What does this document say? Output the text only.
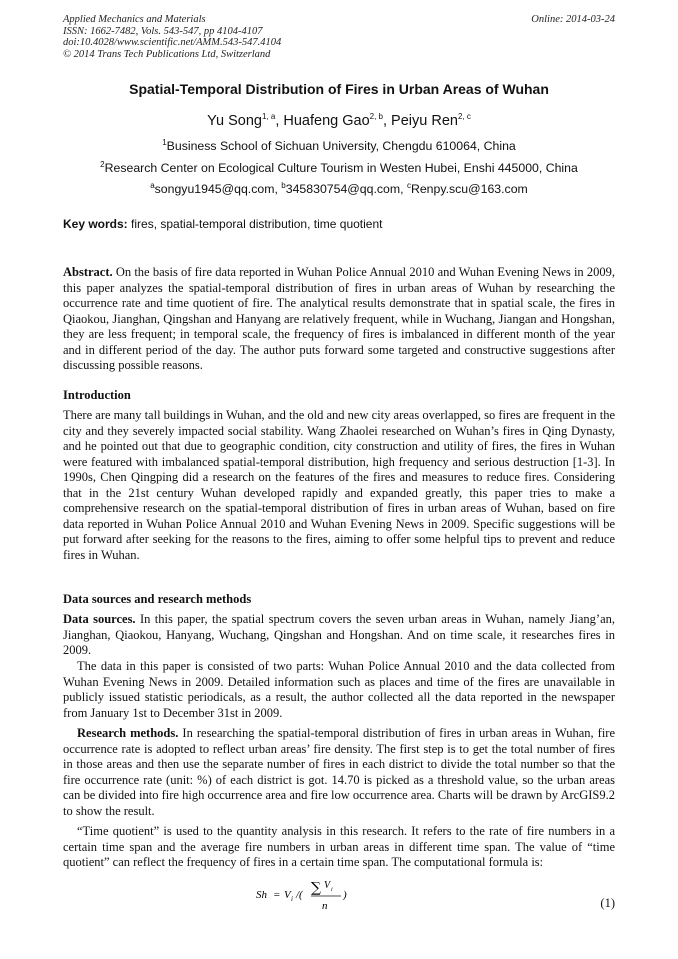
Applied Mechanics and Materials
ISSN: 1662-7482, Vols. 543-547, pp 4104-4107
doi:10.4028/www.scientific.net/AMM.543-547.4104
© 2014 Trans Tech Publications Ltd, Switzerland
Online: 2014-03-24
Spatial-Temporal Distribution of Fires in Urban Areas of Wuhan
Yu Song$^{1, a}$, Huafeng Gao$^{2, b}$, Peiyu Ren$^{2, c}$
$^1$Business School of Sichuan University, Chengdu 610064, China
$^2$Research Center on Ecological Culture Tourism in Westen Hubei, Enshi 445000, China
$^a$songyu1945@qq.com, $^b$345830754@qq.com, $^c$Renpy.scu@163.com
Key words: fires, spatial-temporal distribution, time quotient

Abstract. On the basis of fire data reported in Wuhan Police Annual 2010 and Wuhan Evening News in 2009, this paper analyzes the spatial-temporal distribution of fires in urban areas of Wuhan by researching the occurrence rate and time quotient of fire. The analytical results demonstrate that in spatial scale, the fires in Qiaokou, Jianghan, Qingshan and Hanyang are relatively frequent, while in Wuchang, Jiangan and Hongshan, they are less frequent; in temporal scale, the frequency of fires is imbalanced in different month of the year and in different period of the day. The author puts forward some targeted and constructive suggestions after discussing possible reasons.

Introduction

There are many tall buildings in Wuhan, and the old and new city areas overlapped, so fires are frequent in the city and they severely impacted social stability. Wang Zhaolei researched on Wuhan’s fires in Qing Dynasty, and he pointed out that due to geographic condition, city construction and utility of fires, the fires in Wuhan were featured with imbalanced spatial-temporal distribution, high frequency and serious destruction [1-3]. In 1990s, Chen Qingping did a research on the features of the fires and measures to reduce fires. Considering that in the 21st century Wuhan developed rapidly and expanded greatly, this paper tries to make a comprehensive research on the spatial-temporal distribution of fires in urban areas of Wuhan, based on fire data reported in Wuhan Police Annual 2010 and Wuhan Evening News in 2009. Specific suggestions will be put forward after seeking for the reasons to the fires, aiming to offer some helpful tips to prevent and reduce fires in Wuhan.

Data sources and research methods

Data sources. In this paper, the spatial spectrum covers the seven urban areas in Wuhan, namely Jiang’an, Jianghan, Qiaokou, Hanyang, Wuchang, Qingshan and Hongshan. And on time scale, it researches fires in 2009.

The data in this paper is consisted of two parts: Wuhan Police Annual 2010 and the data collected from Wuhan Evening News in 2009. Detailed information such as places and time of the fires are unavailable in publicly issued statistic periodicals, as a result, the author collected all the data reported in the newspaper from January 1st to December 31st in 2009.

Research methods. In researching the spatial-temporal distribution of fires in urban areas in Wuhan, fire occurrence rate is adopted to reflect urban areas’ fire density. The first step is to get the total number of fires in those areas and then use the separate number of fires in each district to divide the total number so that the fire occurrence rate (unit: %) of each district is got. 14.70 is picked as a threshold value, so the urban areas can be divided into fire high occurrence area and fire low occurrence area. Charts will be drawn by ArcGIS9.2 to show the result.

“Time quotient” is used to the quantity analysis in this research. It refers to the rate of fire numbers in a certain time span and the average fire numbers in urban areas in different time span. The value of “time quotient” can reflect the frequency of fires in a certain time span. The computational formula is:

Sh = V i /( ∑ V i
n
)
(1)
